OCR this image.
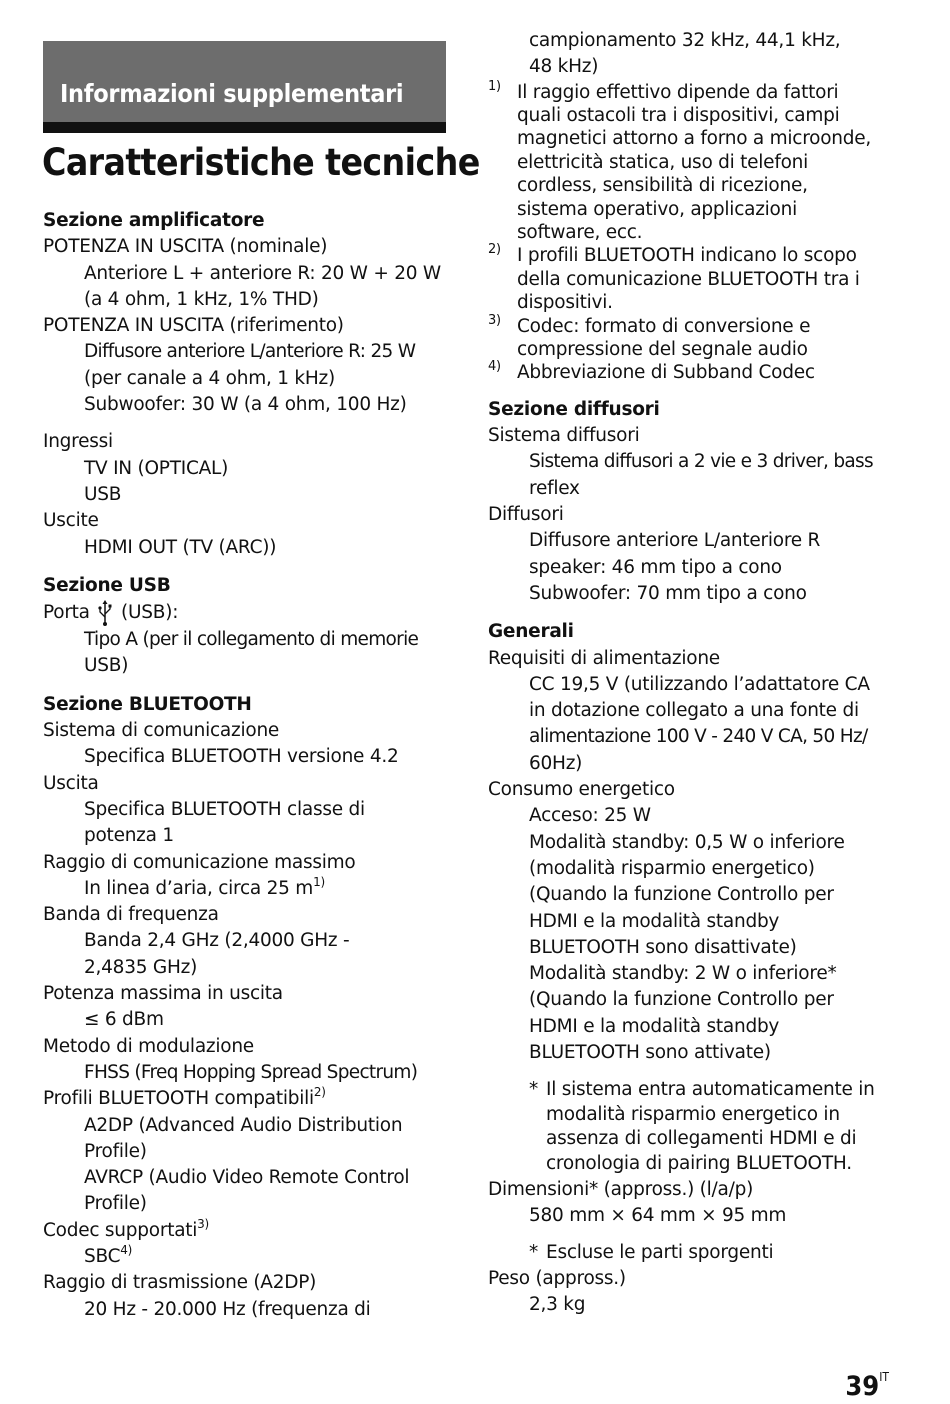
Informazioni supplementari
Caratteristiche tecniche
Sezione amplificatore
POTENZA IN USCITA (nominale)
Anteriore L + anteriore R: 20 W + 20 W
(a 4 ohm, 1 kHz, 1% THD)
POTENZA IN USCITA (riferimento)
Diffusore anteriore L/anteriore R: 25 W
(per canale a 4 ohm, 1 kHz)
Subwoofer: 30 W (a 4 ohm, 100 Hz)
Ingressi
TV IN (OPTICAL)
USB
Uscite
HDMI OUT (TV (ARC))
Sezione USB
Porta (USB):
Tipo A (per il collegamento di memorie
USB)
Sezione BLUETOOTH
Sistema di comunicazione
Specifica BLUETOOTH versione 4.2
Uscita
Specifica BLUETOOTH classe di
potenza 1
Raggio di comunicazione massimo
In linea d’aria, circa 25 $m^{1)}$
Banda di frequenza
Banda 2,4 GHz (2,4000 GHz -
2,4835 GHz)
Potenza massima in uscita
≤ 6 dBm
Metodo di modulazione
FHSS (Freq Hopping Spread Spectrum)
Profili BLUETOOTH compatibili$^{2)}$
A2DP (Advanced Audio Distribution
Profile)
AVRCP (Audio Video Remote Control
Profile)
Codec supportati$^{3)}$
SBC$^{4)}$
Raggio di trasmissione (A2DP)
20 Hz - 20.000 Hz (frequenza di
campionamento 32 kHz, 44,1 kHz,
48 kHz)
1) Il raggio effettivo dipende da fattori
quali ostacoli tra i dispositivi, campi
magnetici attorno a forno a microonde,
elettricità statica, uso di telefoni
cordless, sensibilità di ricezione,
sistema operativo, applicazioni
software, ecc.
2) I profili BLUETOOTH indicano lo scopo
della comunicazione BLUETOOTH tra i
dispositivi.
3) Codec: formato di conversione e
compressione del segnale audio
4) Abbreviazione di Subband Codec
Sezione diffusori
Sistema diffusori
Sistema diffusori a 2 vie e 3 driver, bass
reflex
Diffusori
Diffusore anteriore L/anteriore R
speaker: 46 mm tipo a cono
Subwoofer: 70 mm tipo a cono
Generali
Requisiti di alimentazione
CC 19,5 V (utilizzando l’adattatore CA
in dotazione collegato a una fonte di
alimentazione 100 V - 240 V CA, 50 Hz/
60Hz)
Consumo energetico
Acceso: 25 W
Modalità standby: 0,5 W o inferiore
(modalità risparmio energetico)
(Quando la funzione Controllo per
HDMI e la modalità standby
BLUETOOTH sono disattivate)
Modalità standby: 2 W o inferiore*
(Quando la funzione Controllo per
HDMI e la modalità standby
BLUETOOTH sono attivate)
* Il sistema entra automaticamente in
modalità risparmio energetico in
assenza di collegamenti HDMI e di
cronologia di pairing BLUETOOTH.
Dimensioni* (appross.) (l/a/p)
580 mm × 64 mm × 95 mm
* Escluse le parti sporgenti
Peso (appross.)
2,3 kg
$39^{IT}$
